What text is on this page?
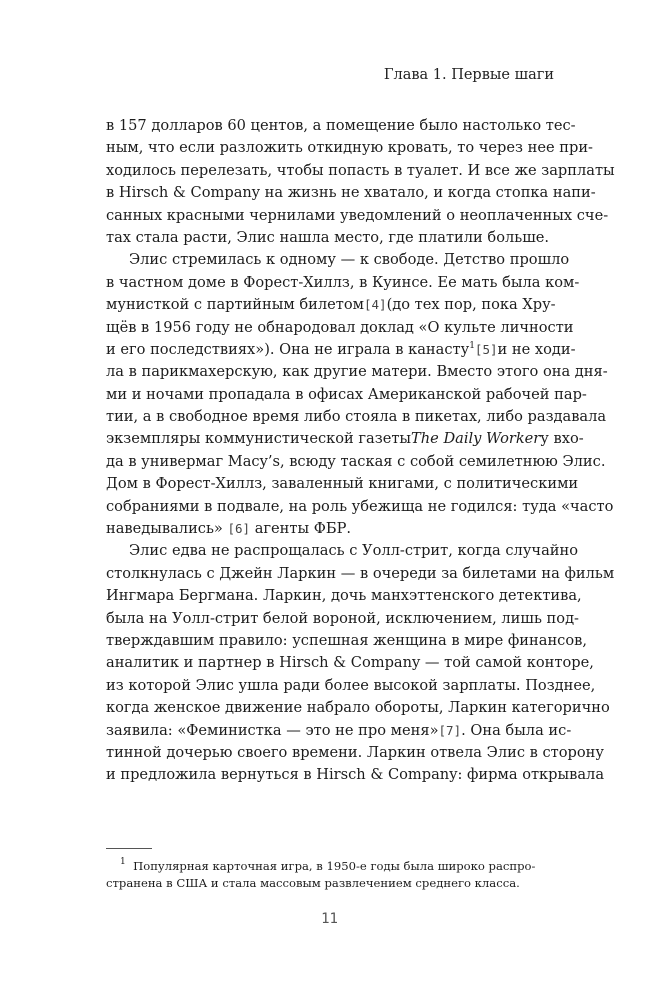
Глава 1. Первые шаги
в 157 долларов 60 центов, а помещение было настолько тес-
ным, что если разложить откидную кровать, то через нее при-
ходилось перелезать, чтобы попасть в туалет. И все же зарплаты
в Hirsch & Company на жизнь не хватало, и когда стопка напи-
санных красными чернилами уведомлений о неоплаченных сче-
тах стала расти, Элис нашла место, где платили больше.
Элис стремилась к одному — к свободе. Детство прошло
в частном доме в Форест-Хиллз, в Куинсе. Ее мать была ком-
мунисткой с партийным билетом [4] (до тех пор, пока Хру-
щёв в 1956 году не обнародовал доклад «О культе личности
и его последствиях»). Она не играла в канасту$^1$ [5] и не ходи-
ла в парикмахерскую, как другие матери. Вместо этого она дня-
ми и ночами пропадала в офисах Американской рабочей пар-
тии, а в свободное время либо стояла в пикетах, либо раздавала
экземпляры коммунистической газеты The Daily Worker у вхо-
да в универмаг Macy’s, всюду таская с собой семилетнюю Элис.
Дом в Форест-Хиллз, заваленный книгами, с политическими
собраниями в подвале, на роль убежища не годился: туда «часто
наведывались»
[6]
агенты ФБР.
Элис едва не распрощалась с Уолл-стрит, когда случайно
столкнулась с Джейн Ларкин — в очереди за билетами на фильм
Ингмара Бергмана. Ларкин, дочь манхэттенского детектива,
была на Уолл-стрит белой вороной, исключением, лишь под-
тверждавшим правило: успешная женщина в мире финансов,
аналитик и партнер в Hirsch & Company — той самой конторе,
из которой Элис ушла ради более высокой зарплаты. Позднее,
когда женское движение набрало обороты, Ларкин категорично
заявила: «Феминистка — это не про меня» [7] . Она была ис-
тинной дочерью своего времени. Ларкин отвела Элис в сторону
и предложила вернуться в Hirsch & Company: фирма открывала
$^1$ Популярная карточная игра, в 1950-е годы была широко распро-
странена в США и стала массовым развлечением среднего класса.
11
